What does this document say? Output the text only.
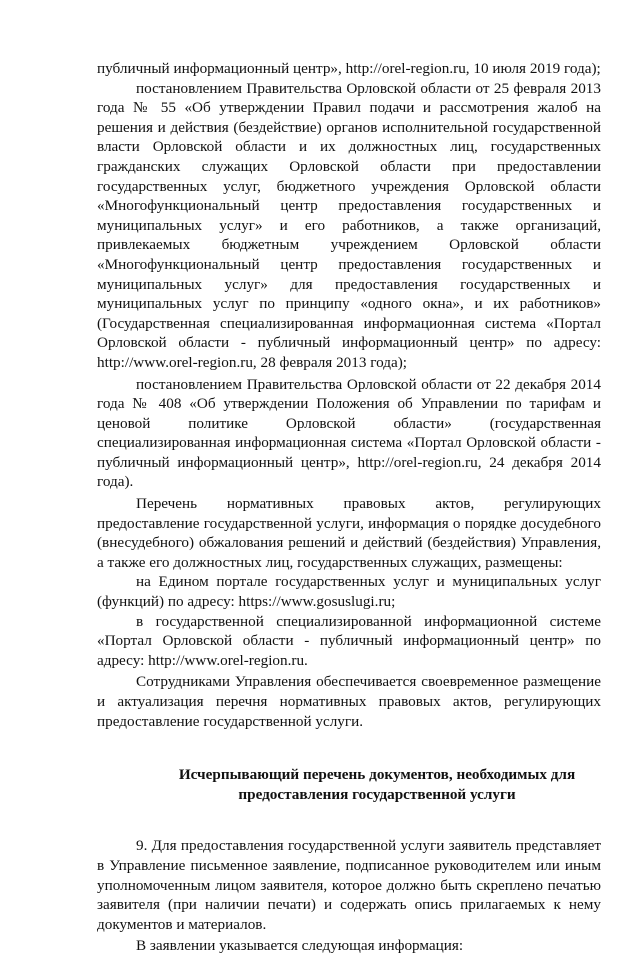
публичный информационный центр», http://orel-region.ru, 10 июля 2019 года);

постановлением Правительства Орловской области от 25 февраля 2013 года № 55 «Об утверждении Правил подачи и рассмотрения жалоб на решения и действия (бездействие) органов исполнительной государственной власти Орловской области и их должностных лиц, государственных гражданских служащих Орловской области при предоставлении государственных услуг, бюджетного учреждения Орловской области «Многофункциональный центр предоставления государственных и муниципальных услуг» и его работников, а также организаций, привлекаемых бюджетным учреждением Орловской области «Многофункциональный центр предоставления государственных и муниципальных услуг» для предоставления государственных и муниципальных услуг по принципу «одного окна», и их работников» (Государственная специализированная информационная система «Портал Орловской области - публичный информационный центр» по адресу: http://www.orel-region.ru, 28 февраля 2013 года);

постановлением Правительства Орловской области от 22 декабря 2014 года № 408 «Об утверждении Положения об Управлении по тарифам и ценовой политике Орловской области» (государственная специализированная информационная система «Портал Орловской области - публичный информационный центр», http://orel-region.ru, 24 декабря 2014 года).

Перечень нормативных правовых актов, регулирующих предоставление государственной услуги, информация о порядке досудебного (внесудебного) обжалования решений и действий (бездействия) Управления, а также его должностных лиц, государственных служащих, размещены:

на Едином портале государственных услуг и муниципальных услуг (функций) по адресу: https://www.gosuslugi.ru;

в государственной специализированной информационной системе «Портал Орловской области - публичный информационный центр» по адресу: http://www.orel-region.ru.

Сотрудниками Управления обеспечивается своевременное размещение и актуализация перечня нормативных правовых актов, регулирующих предоставление государственной услуги.

Исчерпывающий перечень документов, необходимых для предоставления государственной услуги

9. Для предоставления государственной услуги заявитель представляет в Управление письменное заявление, подписанное руководителем или иным уполномоченным лицом заявителя, которое должно быть скреплено печатью заявителя (при наличии печати) и содержать опись прилагаемых к нему документов и материалов.

В заявлении указывается следующая информация:
